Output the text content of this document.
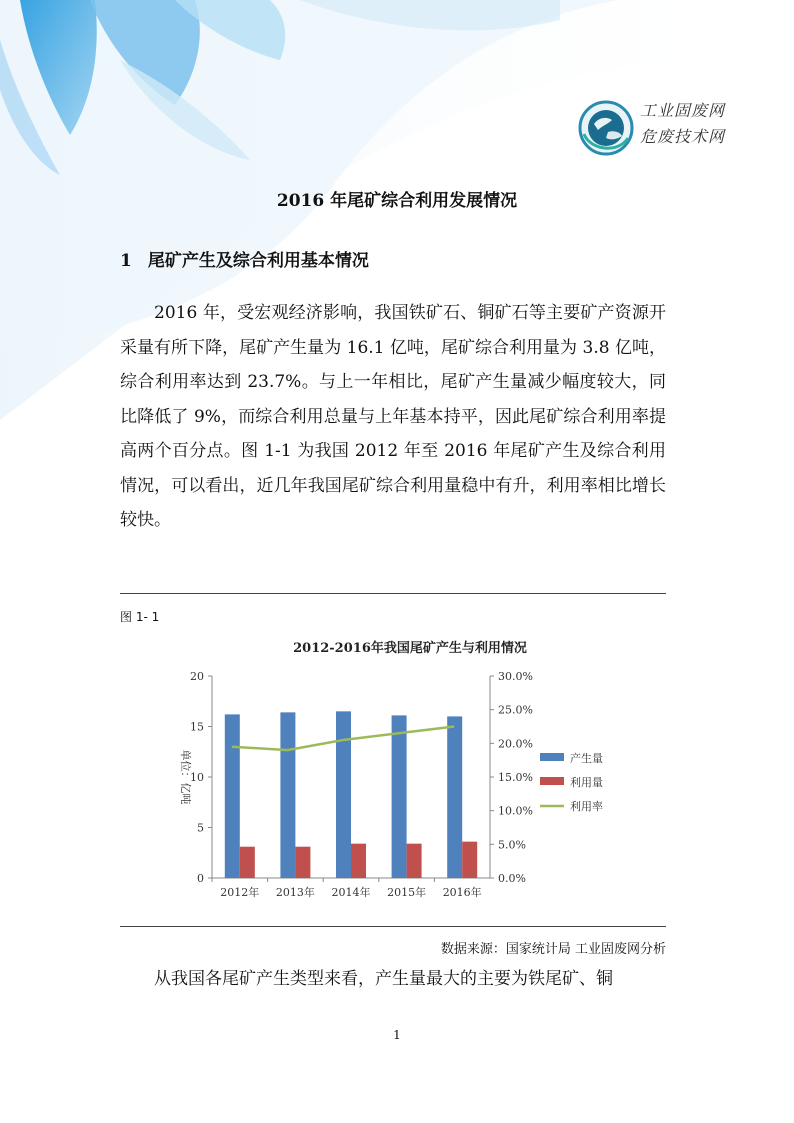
工业固废网
危废技术网
2016 年尾矿综合利用发展情况
1 尾矿产生及综合利用基本情况
2016 年，受宏观经济影响，我国铁矿石、铜矿石等主要矿产资源开采量有所下降，尾矿产生量为 16.1 亿吨，尾矿综合利用量为 3.8 亿吨，综合利用率达到 23.7%。与上一年相比，尾矿产生量减少幅度较大，同比降低了 9%，而综合利用总量与上年基本持平，因此尾矿综合利用率提高两个百分点。图 1-1 为我国 2012 年至 2016 年尾矿产生及综合利用情况，可以看出，近几年我国尾矿综合利用量稳中有升，利用率相比增长较快。
图 1- 1
2012-2016年我国尾矿产生与利用情况
0
5
10
15
20
0.0%
5.0%
10.0%
15.0%
20.0%
25.0%
30.0%
单位：亿吨
2012年 2013年 2014年 2015年 2016年
产生量
利用量
利用率
数据来源：国家统计局 工业固废网分析
从我国各尾矿产生类型来看，产生量最大的主要为铁尾矿、铜
1
